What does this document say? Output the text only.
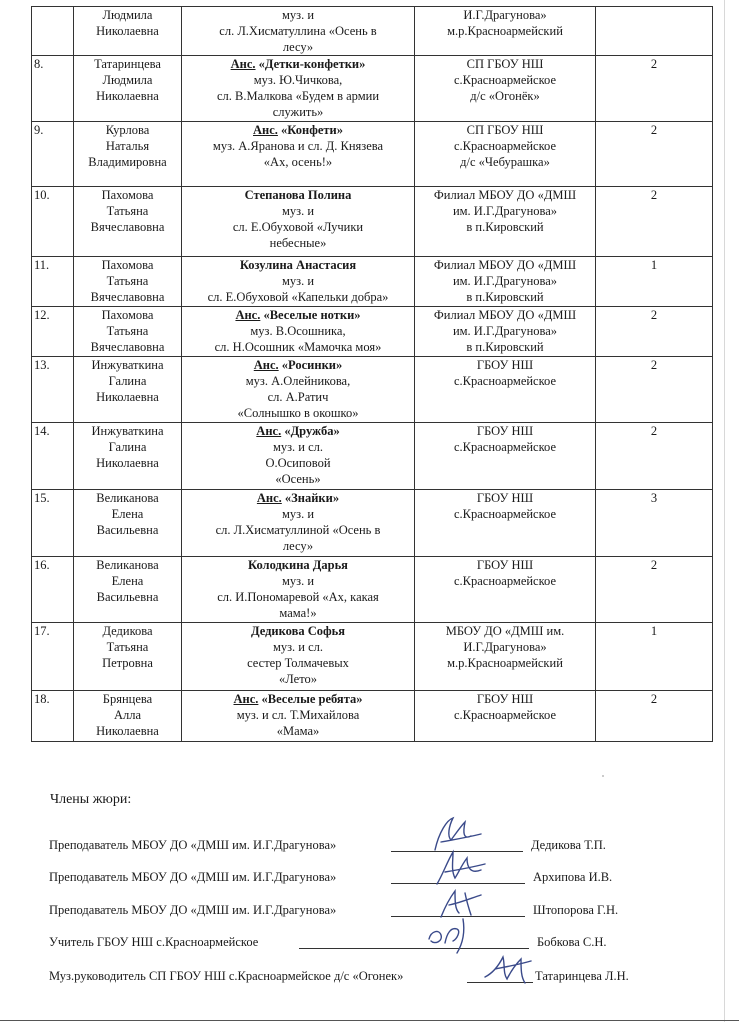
	Людмила
Николаевна	муз. и
сл. Л.Хисматуллина «Осень в
лесу»	И.Г.Драгунова»
м.р.Красноармейский	

8.	Татаринцева
Людмила
Николаевна	Анс. «Детки-конфетки»
муз. Ю.Чичкова,
сл. В.Малкова «Будем в армии
служить»	СП ГБОУ НШ
с.Красноармейское
д/с «Огонёк»	2
9.	Курлова
Наталья
Владимировна	Анс. «Конфети»
муз. А.Яранова и сл. Д. Князева
«Ах, осень!»	СП ГБОУ НШ
с.Красноармейское
д/с «Чебурашка»	2
10.	Пахомова
Татьяна
Вячеславовна	Степанова Полина
муз. и
сл. Е.Обуховой «Лучики
небесные»	Филиал МБОУ ДО «ДМШ
им. И.Г.Драгунова»
в п.Кировский	2
11.	Пахомова
Татьяна
Вячеславовна	Козулина Анастасия
муз. и
сл. Е.Обуховой «Капельки добра»	Филиал МБОУ ДО «ДМШ
им. И.Г.Драгунова»
в п.Кировский	1
12.	Пахомова
Татьяна
Вячеславовна	Анс. «Веселые нотки»
муз. В.Осошника,
сл. Н.Осошник «Мамочка моя»	Филиал МБОУ ДО «ДМШ
им. И.Г.Драгунова»
в п.Кировский	2
13.	Инжуваткина
Галина
Николаевна	Анс. «Росинки»
муз. А.Олейникова,
сл. А.Ратич
«Солнышко в окошко»	ГБОУ НШ
с.Красноармейское	2
14.	Инжуваткина
Галина
Николаевна	Анс. «Дружба»
муз. и сл.
О.Осиповой
«Осень»	ГБОУ НШ
с.Красноармейское	2
15.	Великанова
Елена
Васильевна	Анс. «Знайки»
муз. и
сл. Л.Хисматуллиной «Осень в
лесу»	ГБОУ НШ
с.Красноармейское	3
16.	Великанова
Елена
Васильевна	Колодкина Дарья
муз. и
сл. И.Пономаревой «Ах, какая
мама!»	ГБОУ НШ
с.Красноармейское	2
17.	Дедикова
Татьяна
Петровна	Дедикова Софья
муз. и сл.
сестер Толмачевых
«Лето»	МБОУ ДО «ДМШ им.
И.Г.Драгунова»
м.р.Красноармейский	1
18.	Брянцева
Алла
Николаевна	Анс. «Веселые ребята»
муз. и сл. Т.Михайлова
«Мама»	ГБОУ НШ
с.Красноармейское	2
Члены жюри:
Преподаватель МБОУ ДО «ДМШ им. И.Г.Драгунова»	Дедикова Т.П.
Преподаватель МБОУ ДО «ДМШ им. И.Г.Драгунова»	Архипова И.В.
Преподаватель МБОУ ДО «ДМШ им. И.Г.Драгунова»	Штопорова Г.Н.
Учитель ГБОУ НШ с.Красноармейское	Бобкова С.Н.
Муз.руководитель СП ГБОУ НШ с.Красноармейское д/с «Огонек»	Татаринцева Л.Н.
